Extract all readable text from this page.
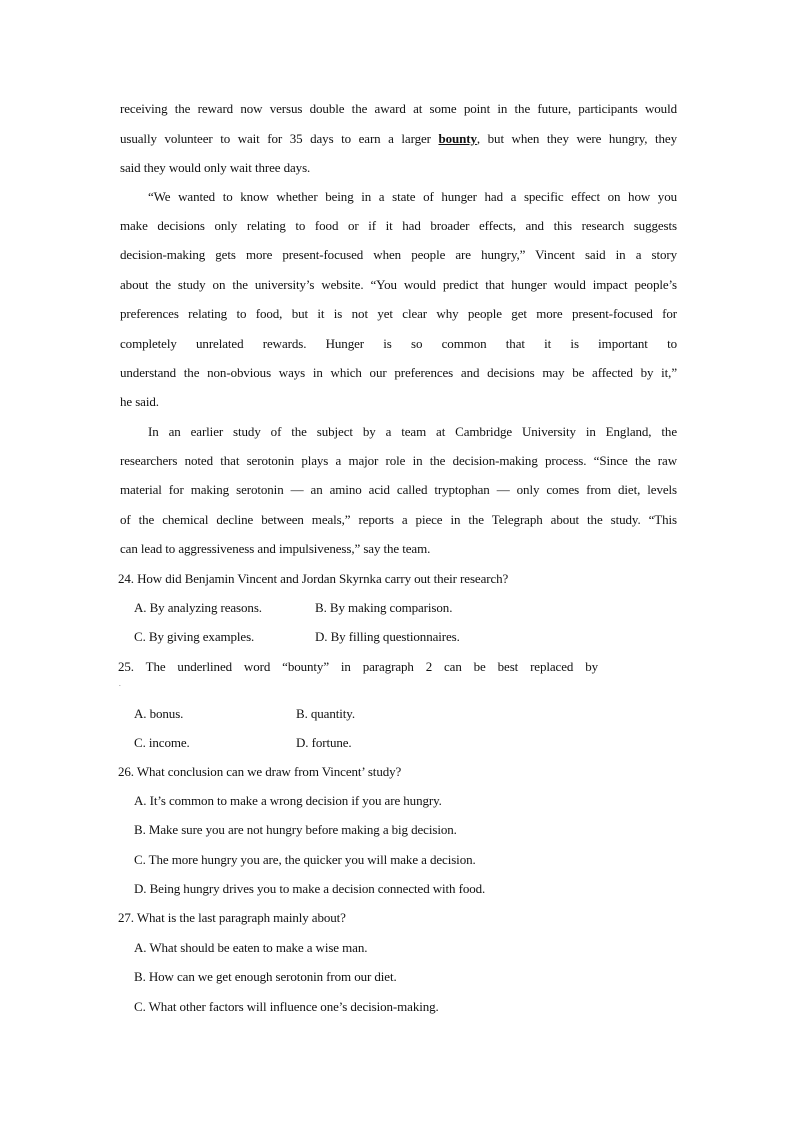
receiving the reward now versus double the award at some point in the future, participants would
usually volunteer to wait for 35 days to earn a larger bounty, but when they were hungry, they
said they would only wait three days.
“We wanted to know whether being in a state of hunger had a specific effect on how you
make decisions only relating to food or if it had broader effects, and this research suggests
decision-making gets more present-focused when people are hungry,” Vincent said in a story
about the study on the university’s website. “You would predict that hunger would impact people’s
preferences relating to food, but it is not yet clear why people get more present-focused for
completely unrelated rewards. Hunger is so common that it is important to
understand the non-obvious ways in which our preferences and decisions may be affected by it,”
he said.
In an earlier study of the subject by a team at Cambridge University in England, the
researchers noted that serotonin plays a major role in the decision-making process. “Since the raw
material for making serotonin — an amino acid called tryptophan — only comes from diet, levels
of the chemical decline between meals,” reports a piece in the Telegraph about the study. “This
can lead to aggressiveness and impulsiveness,” say the team.
24. How did Benjamin Vincent and Jordan Skyrnka carry out their research?
A. By analyzing reasons.	B. By making comparison.
C. By giving examples.	D. By filling questionnaires.
25. The underlined word “bounty” in paragraph 2 can be best replaced by
.
A. bonus.	B. quantity.
C. income.	D. fortune.
26. What conclusion can we draw from Vincent’ study?
A. It’s common to make a wrong decision if you are hungry.
B. Make sure you are not hungry before making a big decision.
C. The more hungry you are, the quicker you will make a decision.
D. Being hungry drives you to make a decision connected with food.
27. What is the last paragraph mainly about?
A. What should be eaten to make a wise man.
B. How can we get enough serotonin from our diet.
C. What other factors will influence one’s decision-making.
